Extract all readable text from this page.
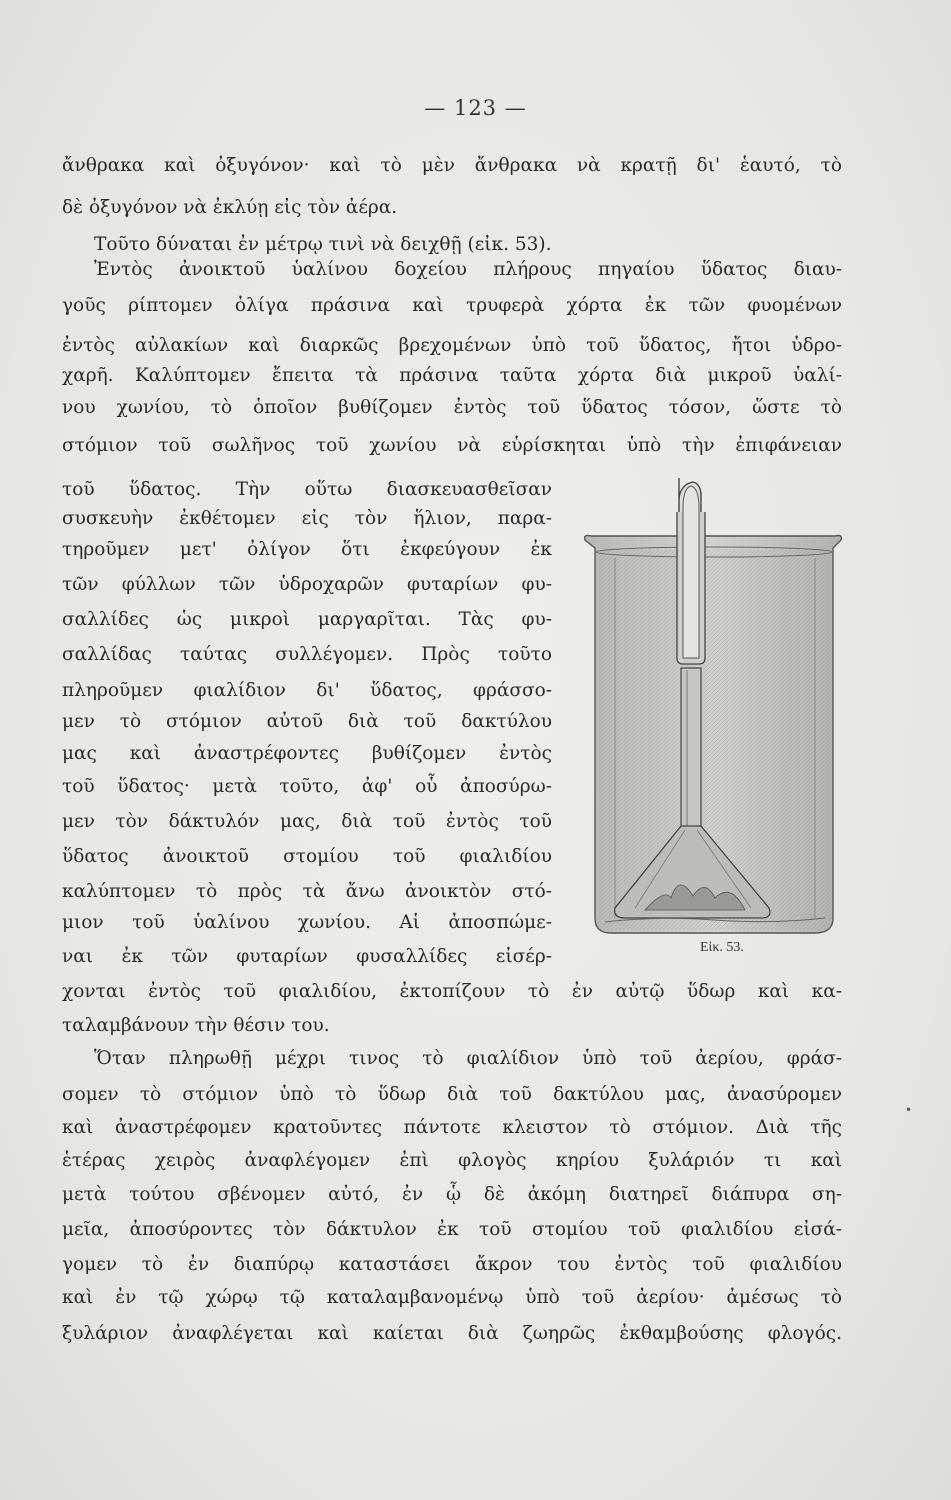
— 123 —
ἄνθρακα καὶ ὀξυγόνον· καὶ τὸ μὲν ἄνθρακα νὰ κρατῇ δι' ἑαυτό, τὸ
δὲ ὀξυγόνον νὰ ἐκλύῃ εἰς τὸν ἀέρα.
Τοῦτο δύναται ἐν μέτρῳ τινὶ νὰ δειχθῇ (εἰκ. 53).
Ἐντὸς ἀνοικτοῦ ὑαλίνου δοχείου πλήρους πηγαίου ὕδατος διαυ-
γοῦς ρίπτομεν ὀλίγα πράσινα καὶ τρυφερὰ χόρτα ἐκ τῶν φυομένων
ἐντὸς αὐλακίων καὶ διαρκῶς βρεχομένων ὑπὸ τοῦ ὕδατος, ἤτοι ὑδρο-
χαρῆ. Καλύπτομεν ἔπειτα τὰ πράσινα ταῦτα χόρτα διὰ μικροῦ ὑαλί-
νου χωνίου, τὸ ὁποῖον βυθίζομεν ἐντὸς τοῦ ὕδατος τόσον, ὥστε τὸ
στόμιον τοῦ σωλῆνος τοῦ χωνίου νὰ εὑρίσκηται ὑπὸ τὴν ἐπιφάνειαν
τοῦ ὕδατος. Τὴν οὕτω διασκευασθεῖσαν
συσκευὴν ἐκθέτομεν εἰς τὸν ἥλιον, παρα-
τηροῦμεν μετ' ὀλίγον ὅτι ἐκφεύγουν ἐκ
τῶν φύλλων τῶν ὑδροχαρῶν φυταρίων φυ-
σαλλίδες ὡς μικροὶ μαργαρῖται. Τὰς φυ-
σαλλίδας ταύτας συλλέγομεν. Πρὸς τοῦτο
πληροῦμεν φιαλίδιον δι' ὕδατος, φράσσο-
μεν τὸ στόμιον αὐτοῦ διὰ τοῦ δακτύλου
μας καὶ ἀναστρέφοντες βυθίζομεν ἐντὸς
τοῦ ὕδατος· μετὰ τοῦτο, ἀφ' οὗ ἀποσύρω-
μεν τὸν δάκτυλόν μας, διὰ τοῦ ἐντὸς τοῦ
ὕδατος ἀνοικτοῦ στομίου τοῦ φιαλιδίου
καλύπτομεν τὸ πρὸς τὰ ἄνω ἀνοικτὸν στό-
μιον τοῦ ὑαλίνου χωνίου. Αἱ ἀποσπώμε-
ναι ἐκ τῶν φυταρίων φυσαλλίδες εἰσέρ-	Εἰκ. 53.
χονται ἐντὸς τοῦ φιαλιδίου, ἐκτοπίζουν τὸ ἐν αὐτῷ ὕδωρ καὶ κα-
ταλαμβάνουν τὴν θέσιν του.
Ὅταν πληρωθῇ μέχρι τινος τὸ φιαλίδιον ὑπὸ τοῦ ἀερίου, φράσ-
σομεν τὸ στόμιον ὑπὸ τὸ ὕδωρ διὰ τοῦ δακτύλου μας, ἀνασύρομεν
καὶ ἀναστρέφομεν κρατοῦντες πάντοτε κλειστον τὸ στόμιον. Διὰ τῆς
ἑτέρας χειρὸς ἀναφλέγομεν ἐπὶ φλογὸς κηρίου ξυλάριόν τι καὶ
μετὰ τούτου σβένομεν αὐτό, ἐν ᾧ δὲ ἀκόμη διατηρεῖ διάπυρα ση-
μεῖα, ἀποσύροντες τὸν δάκτυλον ἐκ τοῦ στομίου τοῦ φιαλιδίου εἰσά-
γομεν τὸ ἐν διαπύρῳ καταστάσει ἄκρον του ἐντὸς τοῦ φιαλιδίου
καὶ ἐν τῷ χώρῳ τῷ καταλαμβανομένῳ ὑπὸ τοῦ ἀερίου· ἀμέσως τὸ
ξυλάριον ἀναφλέγεται καὶ καίεται διὰ ζωηρῶς ἐκθαμβούσης φλογός.
•
